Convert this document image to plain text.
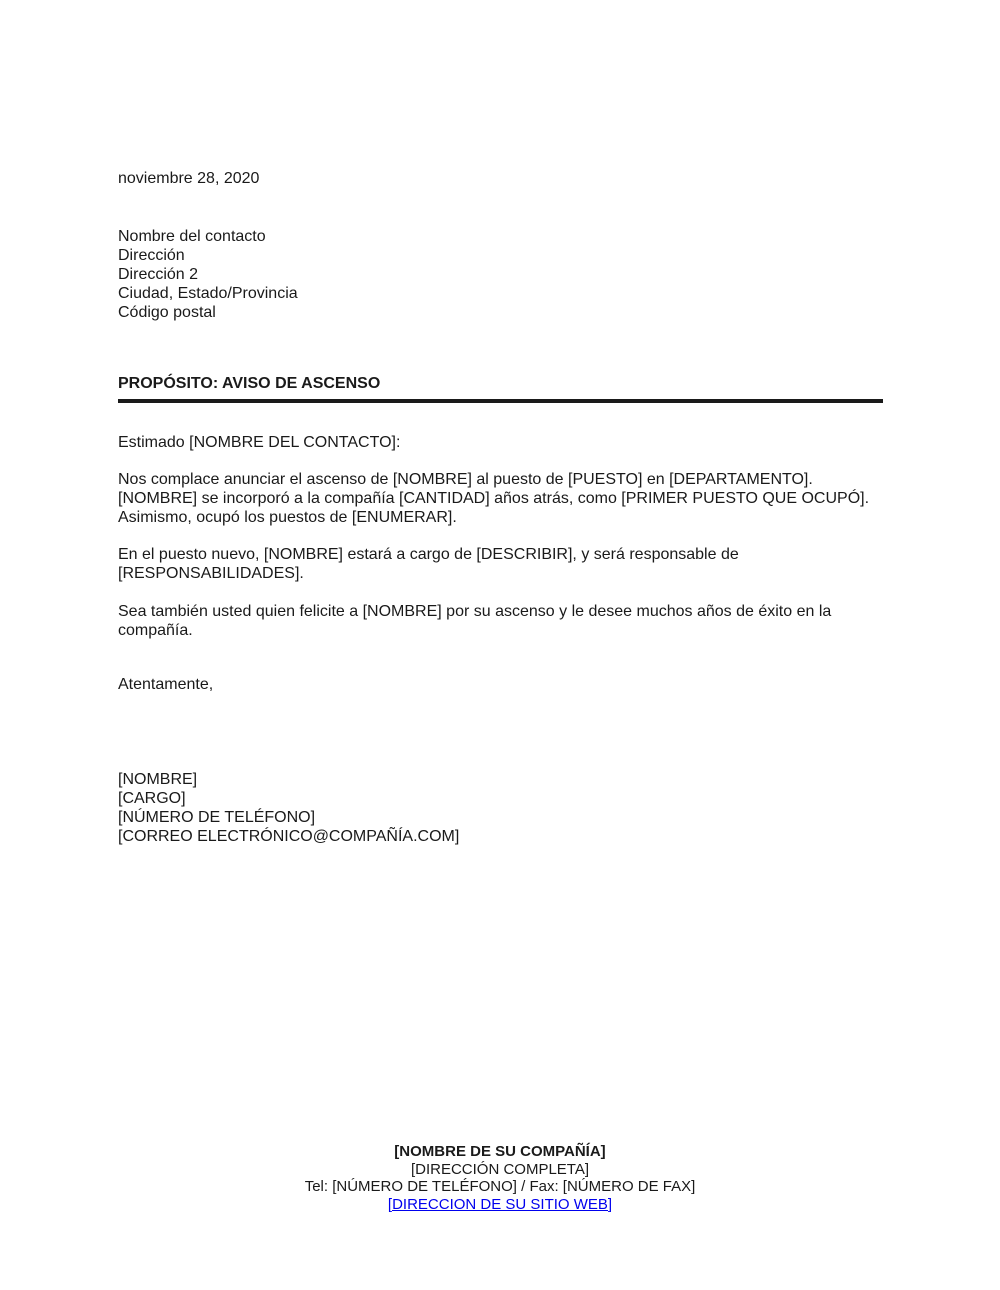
noviembre 28, 2020

Nombre del contacto
Dirección
Dirección 2
Ciudad, Estado/Provincia
Código postal

PROPÓSITO: AVISO DE ASCENSO

Estimado [NOMBRE DEL CONTACTO]:

Nos complace anunciar el ascenso de [NOMBRE] al puesto de [PUESTO] en [DEPARTAMENTO]. [NOMBRE] se incorporó a la compañía [CANTIDAD] años atrás, como [PRIMER PUESTO QUE OCUPÓ]. Asimismo, ocupó los puestos de [ENUMERAR].

En el puesto nuevo, [NOMBRE] estará a cargo de [DESCRIBIR], y será responsable de [RESPONSABILIDADES].

Sea también usted quien felicite a [NOMBRE] por su ascenso y le desee muchos años de éxito en la compañía.

Atentamente,

[NOMBRE]
[CARGO]
[NÚMERO DE TELÉFONO]
[CORREO ELECTRÓNICO@COMPAÑÍA.COM]
[NOMBRE DE SU COMPAÑÍA]
[DIRECCIÓN COMPLETA]
Tel: [NÚMERO DE TELÉFONO] / Fax: [NÚMERO DE FAX]
[DIRECCION DE SU SITIO WEB]
